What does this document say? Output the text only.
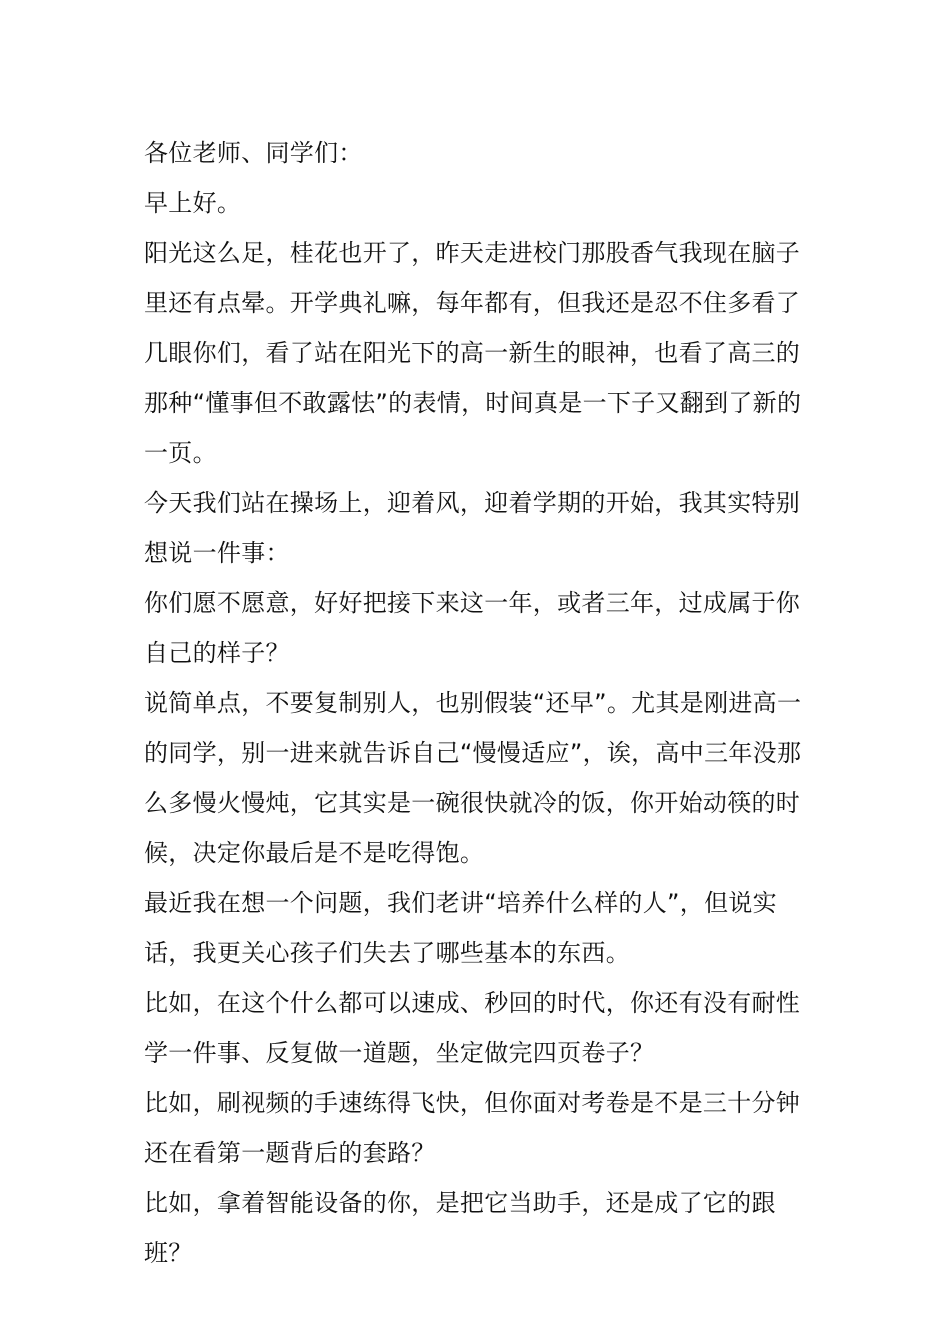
各位老师、同学们：

早上好。

阳光这么足，桂花也开了，昨天走进校门那股香气我现在脑子里还有点晕。开学典礼嘛，每年都有，但我还是忍不住多看了几眼你们，看了站在阳光下的高一新生的眼神，也看了高三的那种“懂事但不敢露怯”的表情，时间真是一下子又翻到了新的一页。

今天我们站在操场上，迎着风，迎着学期的开始，我其实特别想说一件事：

你们愿不愿意，好好把接下来这一年，或者三年，过成属于你自己的样子？

说简单点，不要复制别人，也别假装“还早”。尤其是刚进高一的同学，别一进来就告诉自己“慢慢适应”，诶，高中三年没那么多慢火慢炖，它其实是一碗很快就冷的饭，你开始动筷的时候，决定你最后是不是吃得饱。

最近我在想一个问题，我们老讲“培养什么样的人”，但说实话，我更关心孩子们失去了哪些基本的东西。

比如，在这个什么都可以速成、秒回的时代，你还有没有耐性学一件事、反复做一道题，坐定做完四页卷子？

比如，刷视频的手速练得飞快，但你面对考卷是不是三十分钟还在看第一题背后的套路？

比如，拿着智能设备的你，是把它当助手，还是成了它的跟班？
